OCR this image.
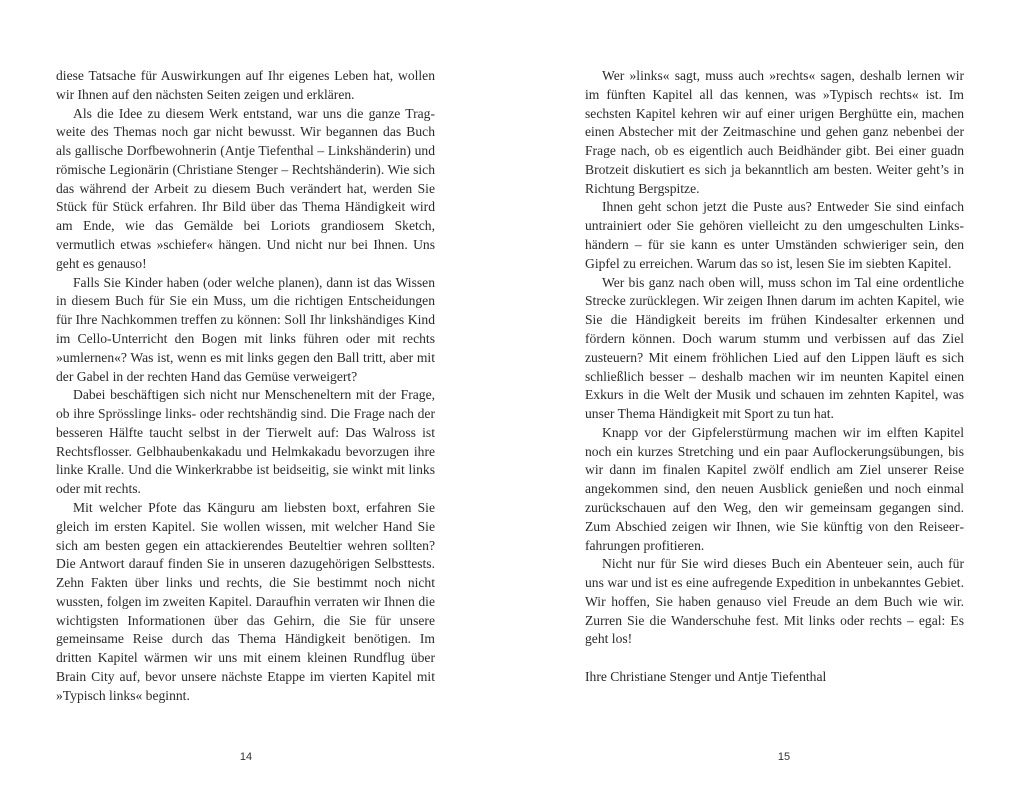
diese Tatsache für Auswirkungen auf Ihr eigenes Leben hat, wollen wir Ihnen auf den nächsten Seiten zeigen und erklären.

Als die Idee zu diesem Werk entstand, war uns die ganze Tragweite des Themas noch gar nicht bewusst. Wir begannen das Buch als gallische Dorfbewohnerin (Antje Tiefenthal – Linkshänderin) und römische Legionärin (Christiane Stenger – Rechtshänderin). Wie sich das während der Arbeit zu diesem Buch verändert hat, werden Sie Stück für Stück erfahren. Ihr Bild über das Thema Händigkeit wird am Ende, wie das Gemälde bei Loriots grandiosem Sketch, vermutlich etwas »schiefer« hängen. Und nicht nur bei Ihnen. Uns geht es genauso!

Falls Sie Kinder haben (oder welche planen), dann ist das Wissen in diesem Buch für Sie ein Muss, um die richtigen Entscheidungen für Ihre Nachkommen treffen zu können: Soll Ihr linkshändiges Kind im Cello-Unterricht den Bogen mit links führen oder mit rechts »umlernen«? Was ist, wenn es mit links gegen den Ball tritt, aber mit der Gabel in der rechten Hand das Gemüse verweigert?

Dabei beschäftigen sich nicht nur Menscheneltern mit der Frage, ob ihre Sprösslinge links- oder rechtshändig sind. Die Frage nach der besseren Hälfte taucht selbst in der Tierwelt auf: Das Walross ist Rechtsflosser. Gelbhaubenkakadu und Helmkakadu bevorzugen ihre linke Kralle. Und die Winkerkrabbe ist beidseitig, sie winkt mit links oder mit rechts.

Mit welcher Pfote das Känguru am liebsten boxt, erfahren Sie gleich im ersten Kapitel. Sie wollen wissen, mit welcher Hand Sie sich am besten gegen ein attackierendes Beuteltier wehren sollten? Die Antwort darauf finden Sie in unseren dazugehörigen Selbsttests. Zehn Fakten über links und rechts, die Sie bestimmt noch nicht wussten, folgen im zweiten Kapitel. Daraufhin verraten wir Ihnen die wichtigsten Informationen über das Gehirn, die Sie für unsere gemeinsame Reise durch das Thema Händigkeit benötigen. Im dritten Kapitel wärmen wir uns mit einem kleinen Rundflug über Brain City auf, bevor unsere nächste Etappe im vierten Kapitel mit »Typisch links« beginnt.

14

Wer »links« sagt, muss auch »rechts« sagen, deshalb lernen wir im fünften Kapitel all das kennen, was »Typisch rechts« ist. Im sechsten Kapitel kehren wir auf einer urigen Berghütte ein, machen einen Abstecher mit der Zeitmaschine und gehen ganz nebenbei der Frage nach, ob es eigentlich auch Beidhänder gibt. Bei einer guadn Brotzeit diskutiert es sich ja bekanntlich am besten. Weiter geht’s in Richtung Bergspitze.

Ihnen geht schon jetzt die Puste aus? Entweder Sie sind einfach untrainiert oder Sie gehören vielleicht zu den umgeschulten Linkshändern – für sie kann es unter Umständen schwieriger sein, den Gipfel zu erreichen. Warum das so ist, lesen Sie im siebten Kapitel.

Wer bis ganz nach oben will, muss schon im Tal eine ordentliche Strecke zurücklegen. Wir zeigen Ihnen darum im achten Kapitel, wie Sie die Händigkeit bereits im frühen Kindesalter erkennen und fördern können. Doch warum stumm und verbissen auf das Ziel zusteuern? Mit einem fröhlichen Lied auf den Lippen läuft es sich schließlich besser – deshalb machen wir im neunten Kapitel einen Exkurs in die Welt der Musik und schauen im zehnten Kapitel, was unser Thema Händigkeit mit Sport zu tun hat.

Knapp vor der Gipfelerstürmung machen wir im elften Kapitel noch ein kurzes Stretching und ein paar Auflockerungsübungen, bis wir dann im finalen Kapitel zwölf endlich am Ziel unserer Reise angekommen sind, den neuen Ausblick genießen und noch einmal zurückschauen auf den Weg, den wir gemeinsam gegangen sind. Zum Abschied zeigen wir Ihnen, wie Sie künftig von den Reiseerfahrungen profitieren.

Nicht nur für Sie wird dieses Buch ein Abenteuer sein, auch für uns war und ist es eine aufregende Expedition in unbekanntes Gebiet. Wir hoffen, Sie haben genauso viel Freude an dem Buch wie wir. Zurren Sie die Wanderschuhe fest. Mit links oder rechts – egal: Es geht los!

Ihre Christiane Stenger und Antje Tiefenthal

15
